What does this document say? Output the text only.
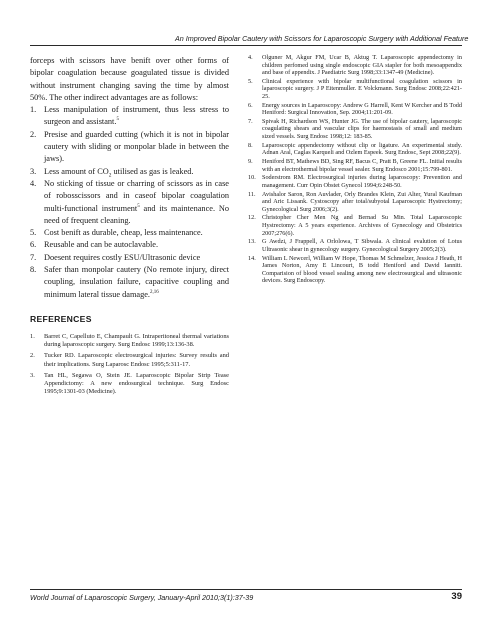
An Improved Bipolar Cautery with Scissors for Laparoscopic Surgery with Additional Feature

forceps with scissors have benift over other forms of bipolar coagulation because goagulated tissue is divided without instrument changing saving the time by almost 50%. The other indirect advantages are as follows:

1. Less manipulation of instrument, thus less stress to surgeon and assistant.$^5$
2. Presise and guarded cutting (which it is not in bipolar cautery with sliding or monpolar blade in between the jaws).
3. Less amount of $CO_2$ utilised as gas is leaked.
4. No sticking of tissue or charring of scissors as in case of robosscissors and in caseof bipolar coagulation multi-functional instrument$^5$ and its maintenance. No need of frequent cleaning.
5. Cost benift as durable, cheap, less maintenance.
6. Reusable and can be autoclavable.
7. Doesent requires costly ESU/Ultrasonic device
8. Safer than monpolar cautery (No remote injury, direct coupling, insulation failure, capacitive coupling and minimum lateral tissue damage.$^{2,16}$
REFERENCES
1. Barret C, Capelluto E, Champault G. Intraperitoneal thermal variations during laparoscopic surgery. Surg Endosc 1999;13:136-38.
2. Tucker RD. Laparoscopic electrosurgical injuries: Survey results and their implications. Surg Laparosc Endosc 1995;5:311-17.
3. Tan HL, Segawa O, Stein JE. Laparoscopic Bipolar Strip Tease Appendictomy: A new endosurgical technique. Surg Endosc 1995;9:1301-03 (Medicine).
4. Olguner M, Akgur FM, Ucar B, Aktug T. Laparoscopic appendectomy in children perfomed using single endoscopic GIA stapler for both mesoappendix and base of appendix. J Paediatric Surg 1998;33:1347-49 (Medicine).
5. Clinical experience with bipolar multifunctional coagulation scissors in laparoscopic surgery. J P Eitenmuller. E Volckmann. Surg Endosc 2008;22:421-25.
6. Energy sources in Laparoscopy: Andrew G Harrell, Kent W Kercher and B Todd Heniford: Surgical Innovation, Sep. 2004;11:201-09.
7. Spivak H, Richardson WS, Hunter JG. The use of bipolar cautery, laparoscopic coagulating shears and vascular clips for haemostasis of small and medium sized vessels. Surg Endosc 1998;12: 183-85.
8. Laparoscopic appendectomy without clip or ligature. An experimental study. Adnan Aral, Caglas Karqueli and Ozlem Espeek. Surg Endosc, Sept 2008;22(9).
9. Heniford BT, Mathews BD, Sing RF, Bacus C, Pratt B, Greene FL. Initial results with an electrothermal bipolar vessel sealer. Surg Endosco 2001;15:799-801.
10. Soderstrom RM. Electrosurgical injuries during laparoscopy: Prevention and management. Curr Opin Obstet Gynecol 1994;6:248-50.
11. Avishalor Saron, Ron Auvlader, Orly Brandes Klein, Zui Alter, Yural Kaufman and Aric Lissank. Cystoscopy after total/subyotal Laparoscopic Hystrectomy; Gynecological Surg 2006;3(2).
12. Christopher Cher Men Ng and Bernad Su Min. Total Laparoscopic Hystrectomy: A 5 years experience. Archives of Gynecology and Obstetrics 2007;276(6).
13. G Awdzi, J Frappell, A Orlolowa, T Sibwala. A clinical evalution of Lotus Ultrasonic shear in gynecology surgery. Gynecological Surgery 2005;2(3).
14. William L Newcerl, William W Hope, Thomas M Schmelzer, Jessica J Heath, H James Norton, Amy E Lincourt, B todd Heniford and David Iannitt. Comparision of blood vessel sealing among new electrosurgical and ultrasonic devices. Surg Endoscopy.
World Journal of Laparoscopic Surgery, January-April 2010;3(1):37-39	39
